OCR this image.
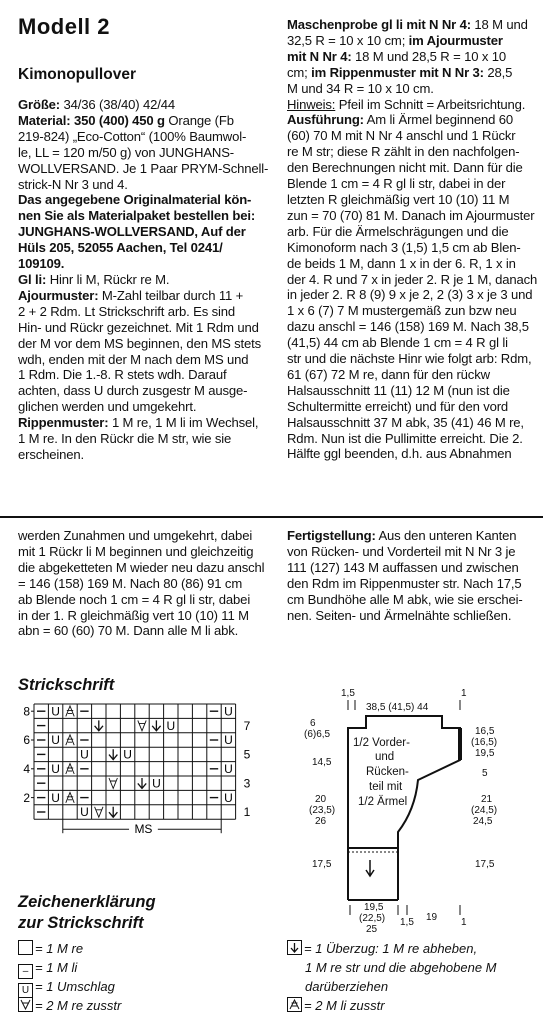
Modell 2
Kimonopullover
Größe: 34/36 (38/40) 42/44
Material: 350 (400) 450 g Orange (Fb
219-824) „Eco-Cotton“ (100% Baumwol-
le, LL = 120 m/50 g) von JUNGHANS-
WOLLVERSAND. Je 1 Paar PRYM-Schnell-
strick-N Nr 3 und 4.
Das angegebene Originalmaterial kön-
nen Sie als Materialpaket bestellen bei:
JUNGHANS-WOLLVERSAND, Auf der
Hüls 205, 52055 Aachen, Tel 0241/
109109.
Gl li: Hinr li M, Rückr re M.
Ajourmuster: M-Zahl teilbar durch 11 +
2 + 2 Rdm. Lt Strickschrift arb. Es sind
Hin- und Rückr gezeichnet. Mit 1 Rdm und
der M vor dem MS beginnen, den MS stets
wdh, enden mit der M nach dem MS und
1 Rdm. Die 1.-8. R stets wdh. Darauf
achten, dass U durch zusgestr M ausge-
glichen werden und umgekehrt.
Rippenmuster: 1 M re, 1 M li im Wechsel,
1 M re. In den Rückr die M str, wie sie
erscheinen.
Maschenprobe gl li mit N Nr 4: 18 M und
32,5 R = 10 x 10 cm; im Ajourmuster
mit N Nr 4: 18 M und 28,5 R = 10 x 10
cm; im Rippenmuster mit N Nr 3: 28,5
M und 34 R = 10 x 10 cm.
Hinweis: Pfeil im Schnitt = Arbeitsrichtung.
Ausführung: Am li Ärmel beginnend 60
(60) 70 M mit N Nr 4 anschl und 1 Rückr
re M str; diese R zählt in den nachfolgen-
den Berechnungen nicht mit. Dann für die
Blende 1 cm = 4 R gl li str, dabei in der
letzten R gleichmäßig vert 10 (10) 11 M
zun = 70 (70) 81 M. Danach im Ajourmuster
arb. Für die Ärmelschrägungen und die
Kimonoform nach 3 (1,5) 1,5 cm ab Blen-
de beids 1 M, dann 1 x in der 6. R, 1 x in
der 4. R und 7 x in jeder 2. R je 1 M, danach
in jeder 2. R 8 (9) 9 x je 2, 2 (3) 3 x je 3 und
1 x 6 (7) 7 M mustergemäß zun bzw neu
dazu anschl = 146 (158) 169 M. Nach 38,5
(41,5) 44 cm ab Blende 1 cm = 4 R gl li
str und die nächste Hinr wie folgt arb: Rdm,
61 (67) 72 M re, dann für den rückw
Halsausschnitt 11 (11) 12 M (nun ist die
Schultermitte erreicht) und für den vord
Halsausschnitt 37 M abk, 35 (41) 46 M re,
Rdm. Nun ist die Pullimitte erreicht. Die 2.
Hälfte ggl beenden, d.h. aus Abnahmen
werden Zunahmen und umgekehrt, dabei
mit 1 Rückr li M beginnen und gleichzeitig
die abgeketteten M wieder neu dazu anschl
= 146 (158) 169 M. Nach 80 (86) 91 cm
ab Blende noch 1 cm = 4 R gl li str, dabei
in der 1. R gleichmäßig vert 10 (10) 11 M
abn = 60 (60) 70 M. Dann alle M li abk.
Fertigstellung: Aus den unteren Kanten
von Rücken- und Vorderteil mit N Nr 3 je
111 (127) 143 M auffassen und zwischen
den Rdm im Rippenmuster str. Nach 17,5
cm Bundhöhe alle M abk, wie sie erschei-
nen. Seiten- und Ärmelnähte schließen.
Strickschrift
U	U
U
U	U
U	U
U	U
U
U	U
U
8
6
4
2
7
5
3
1
MS
Zeichenerklärung
zur Strickschrift
= 1 M re
– = 1 M li
U = 1 Umschlag
= 2 M re zusstr
= 1 Überzug: 1 M re abheben,
1 M re str und die abgehobene M
darüberziehen
= 2 M li zusstr
1,5
38,5 (41,5) 44
1
6
(6)6,5
14,5
20
(23,5)
26
17,5
16,5
(16,5)
19,5
5
21
(24,5)
24,5
17,5
19,5
(22,5)
25
1,5 19 1
1/2 Vorder-
und
Rücken-
teil mit
1/2 Ärmel
